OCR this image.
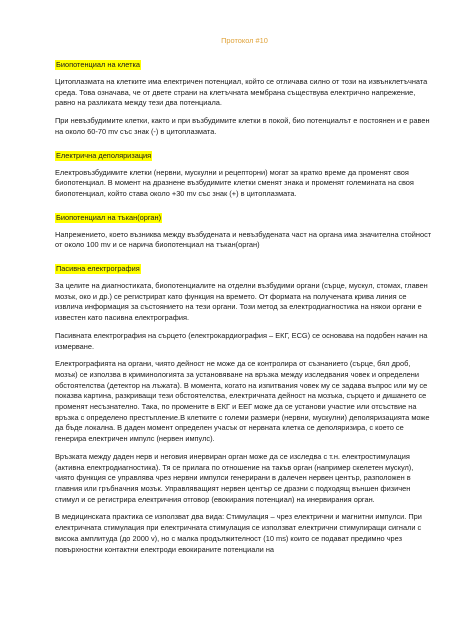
Протокол #10
Биопотенциал на клетка

Цитоплазмата на клетките има електричен потенциал, който се отличава силно от този на извънклетъчната среда. Това означава, че от двете страни на клетъчната мембрана съществува електрично напрежение, равно на разликата между тези два потенциала.

При невъзбудимите клетки, както и при възбудимите клетки в покой, био потенциалът е постоянен и е равен на около 60-70 mv със знак (-) в цитоплазмата.

Електрична деполяризация

Електровъзбудимите клетки (нервни, мускулни и рецепторни) могат за кратко време да променят своя биопотенциал. В момент на дразнене възбудимите клетки сменят знака и променят големината на своя биопотенциал, който става около +30 mv със знак (+) в цитоплазмата.

Биопотенциал на тъкан(орган)

Напрежението, което възниква между възбудената и невъзбудената част на органа има значителна стойност от около 100 mv и се нарича биопотенциал на тъкан(орган)

Пасивна електрография

За целите на диагностиката, биопотенциалите на отделни възбудими органи (сърце, мускул, стомах, главен мозък, око и др.) се регистрират като функция на времето. От формата на получената крива линия се извлича информация за състоянието на тези органи. Този метод за електродиагностика на някои органи е известен като пасивна електрография.

Пасивната електрография на сърцето (електрокардиография – ЕКГ, ECG) се основава на подобен начин на измерване.

Електрографията на органи, чиято дейност не може да се контролира от съзнанието (сърце, бял дроб, мозък) се използва в криминологията за установяване на връзка между изследвания човек и определени обстоятелства (детектор на лъжата). В момента, когато на изпитвания човек му се задава въпрос или му се показва картина, разкриващи тези обстоятелства, електричната дейност на мозъка, сърцето и дишането се променят несъзнателно. Така, по промените в ЕКГ и ЕЕГ може да се установи участие или отсъствие на връзка с определено престъпление.В клетките с големи размери (нервни, мускулни) деполяризацията може да бъде локална. В даден момент определен учaсък от нервната клетка се деполяризира, с което се генерира електричен импулс (нервен импулс).

Връзката между даден нерв и неговия инервиран орган може да се изследва с т.н. електростимулация (активна електродиагностика). Тя се прилага по отношение на такъв орган (например скелетен мускул), чиято функция се управлява чрез нервни импулси генерирани в далечен нервен център, разположен в главния или гръбначния мозък. Управляващият нервен център се дразни с подходящ външен физичен стимул и се регистрира електричния отговор (евокирания потенциал) на инервирания орган.

В медицинската практика се използват два вида: Стимулация – чрез електрични и магнитни импулси. При електричната стимулация при електричната стимулация се използват електрични стимулиращи сигнали с висока амплитуда (до 2000 v), но с малка продължителност (10 ms) които се подават предимно чрез повърхностни контактни електроди евокираните потенциали на
